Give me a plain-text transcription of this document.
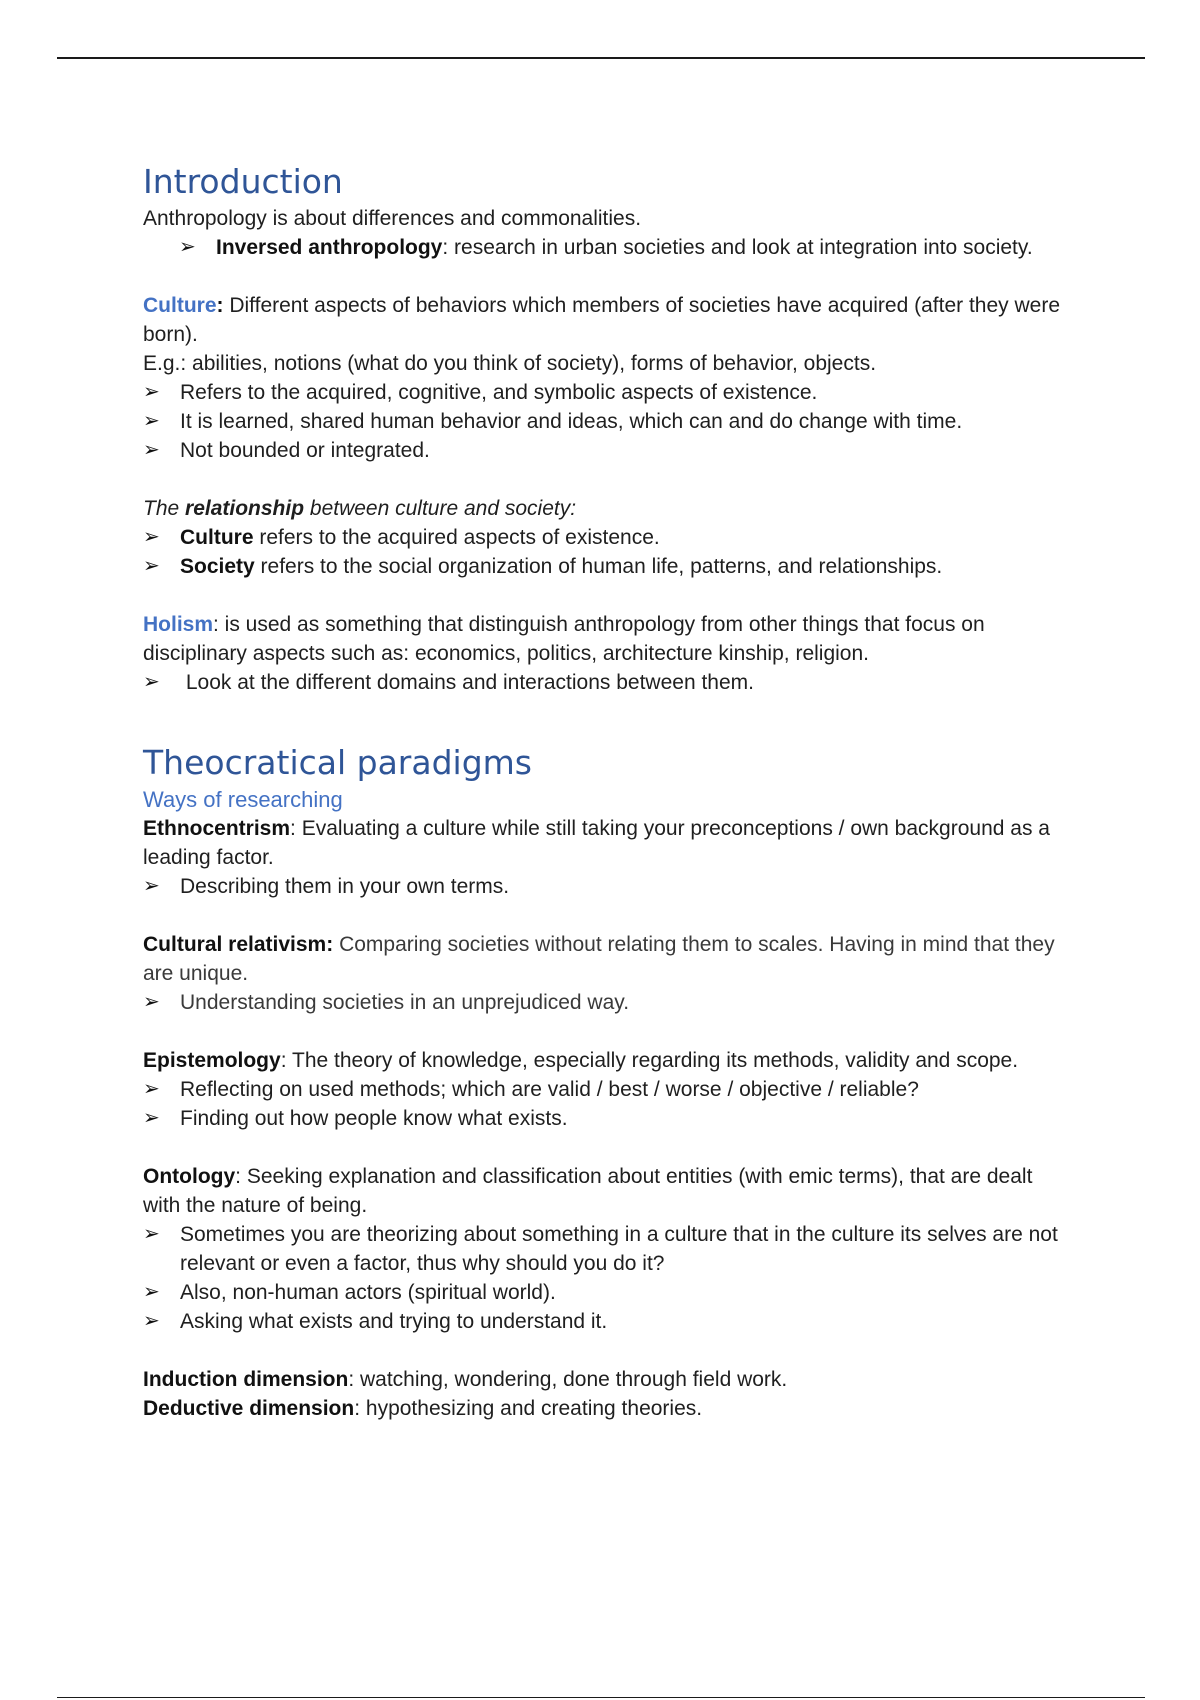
Introduction

Anthropology is about differences and commonalities.

➢ Inversed anthropology: research in urban societies and look at integration into society.

Culture: Different aspects of behaviors which members of societies have acquired (after they were born).

E.g.: abilities, notions (what do you think of society), forms of behavior, objects.

➢ Refers to the acquired, cognitive, and symbolic aspects of existence.
➢ It is learned, shared human behavior and ideas, which can and do change with time.
➢ Not bounded or integrated.

The relationship between culture and society:

➢ Culture refers to the acquired aspects of existence.
➢ Society refers to the social organization of human life, patterns, and relationships.

Holism: is used as something that distinguish anthropology from other things that focus on disciplinary aspects such as: economics, politics, architecture kinship, religion.

➢	Look at the different domains and interactions between them.
Theocratical paradigms
Ways of researching

Ethnocentrism: Evaluating a culture while still taking your preconceptions / own background as a leading factor.

➢ Describing them in your own terms.

Cultural relativism: Comparing societies without relating them to scales. Having in mind that they are unique.

➢ Understanding societies in an unprejudiced way.

Epistemology: The theory of knowledge, especially regarding its methods, validity and scope.

➢ Reflecting on used methods; which are valid / best / worse / objective / reliable?
➢ Finding out how people know what exists.

Ontology: Seeking explanation and classification about entities (with emic terms), that are dealt with the nature of being.

➢ Sometimes you are theorizing about something in a culture that in the culture its selves are not relevant or even a factor, thus why should you do it?
➢ Also, non-human actors (spiritual world).
➢ Asking what exists and trying to understand it.

Induction dimension: watching, wondering, done through field work.

Deductive dimension: hypothesizing and creating theories.
